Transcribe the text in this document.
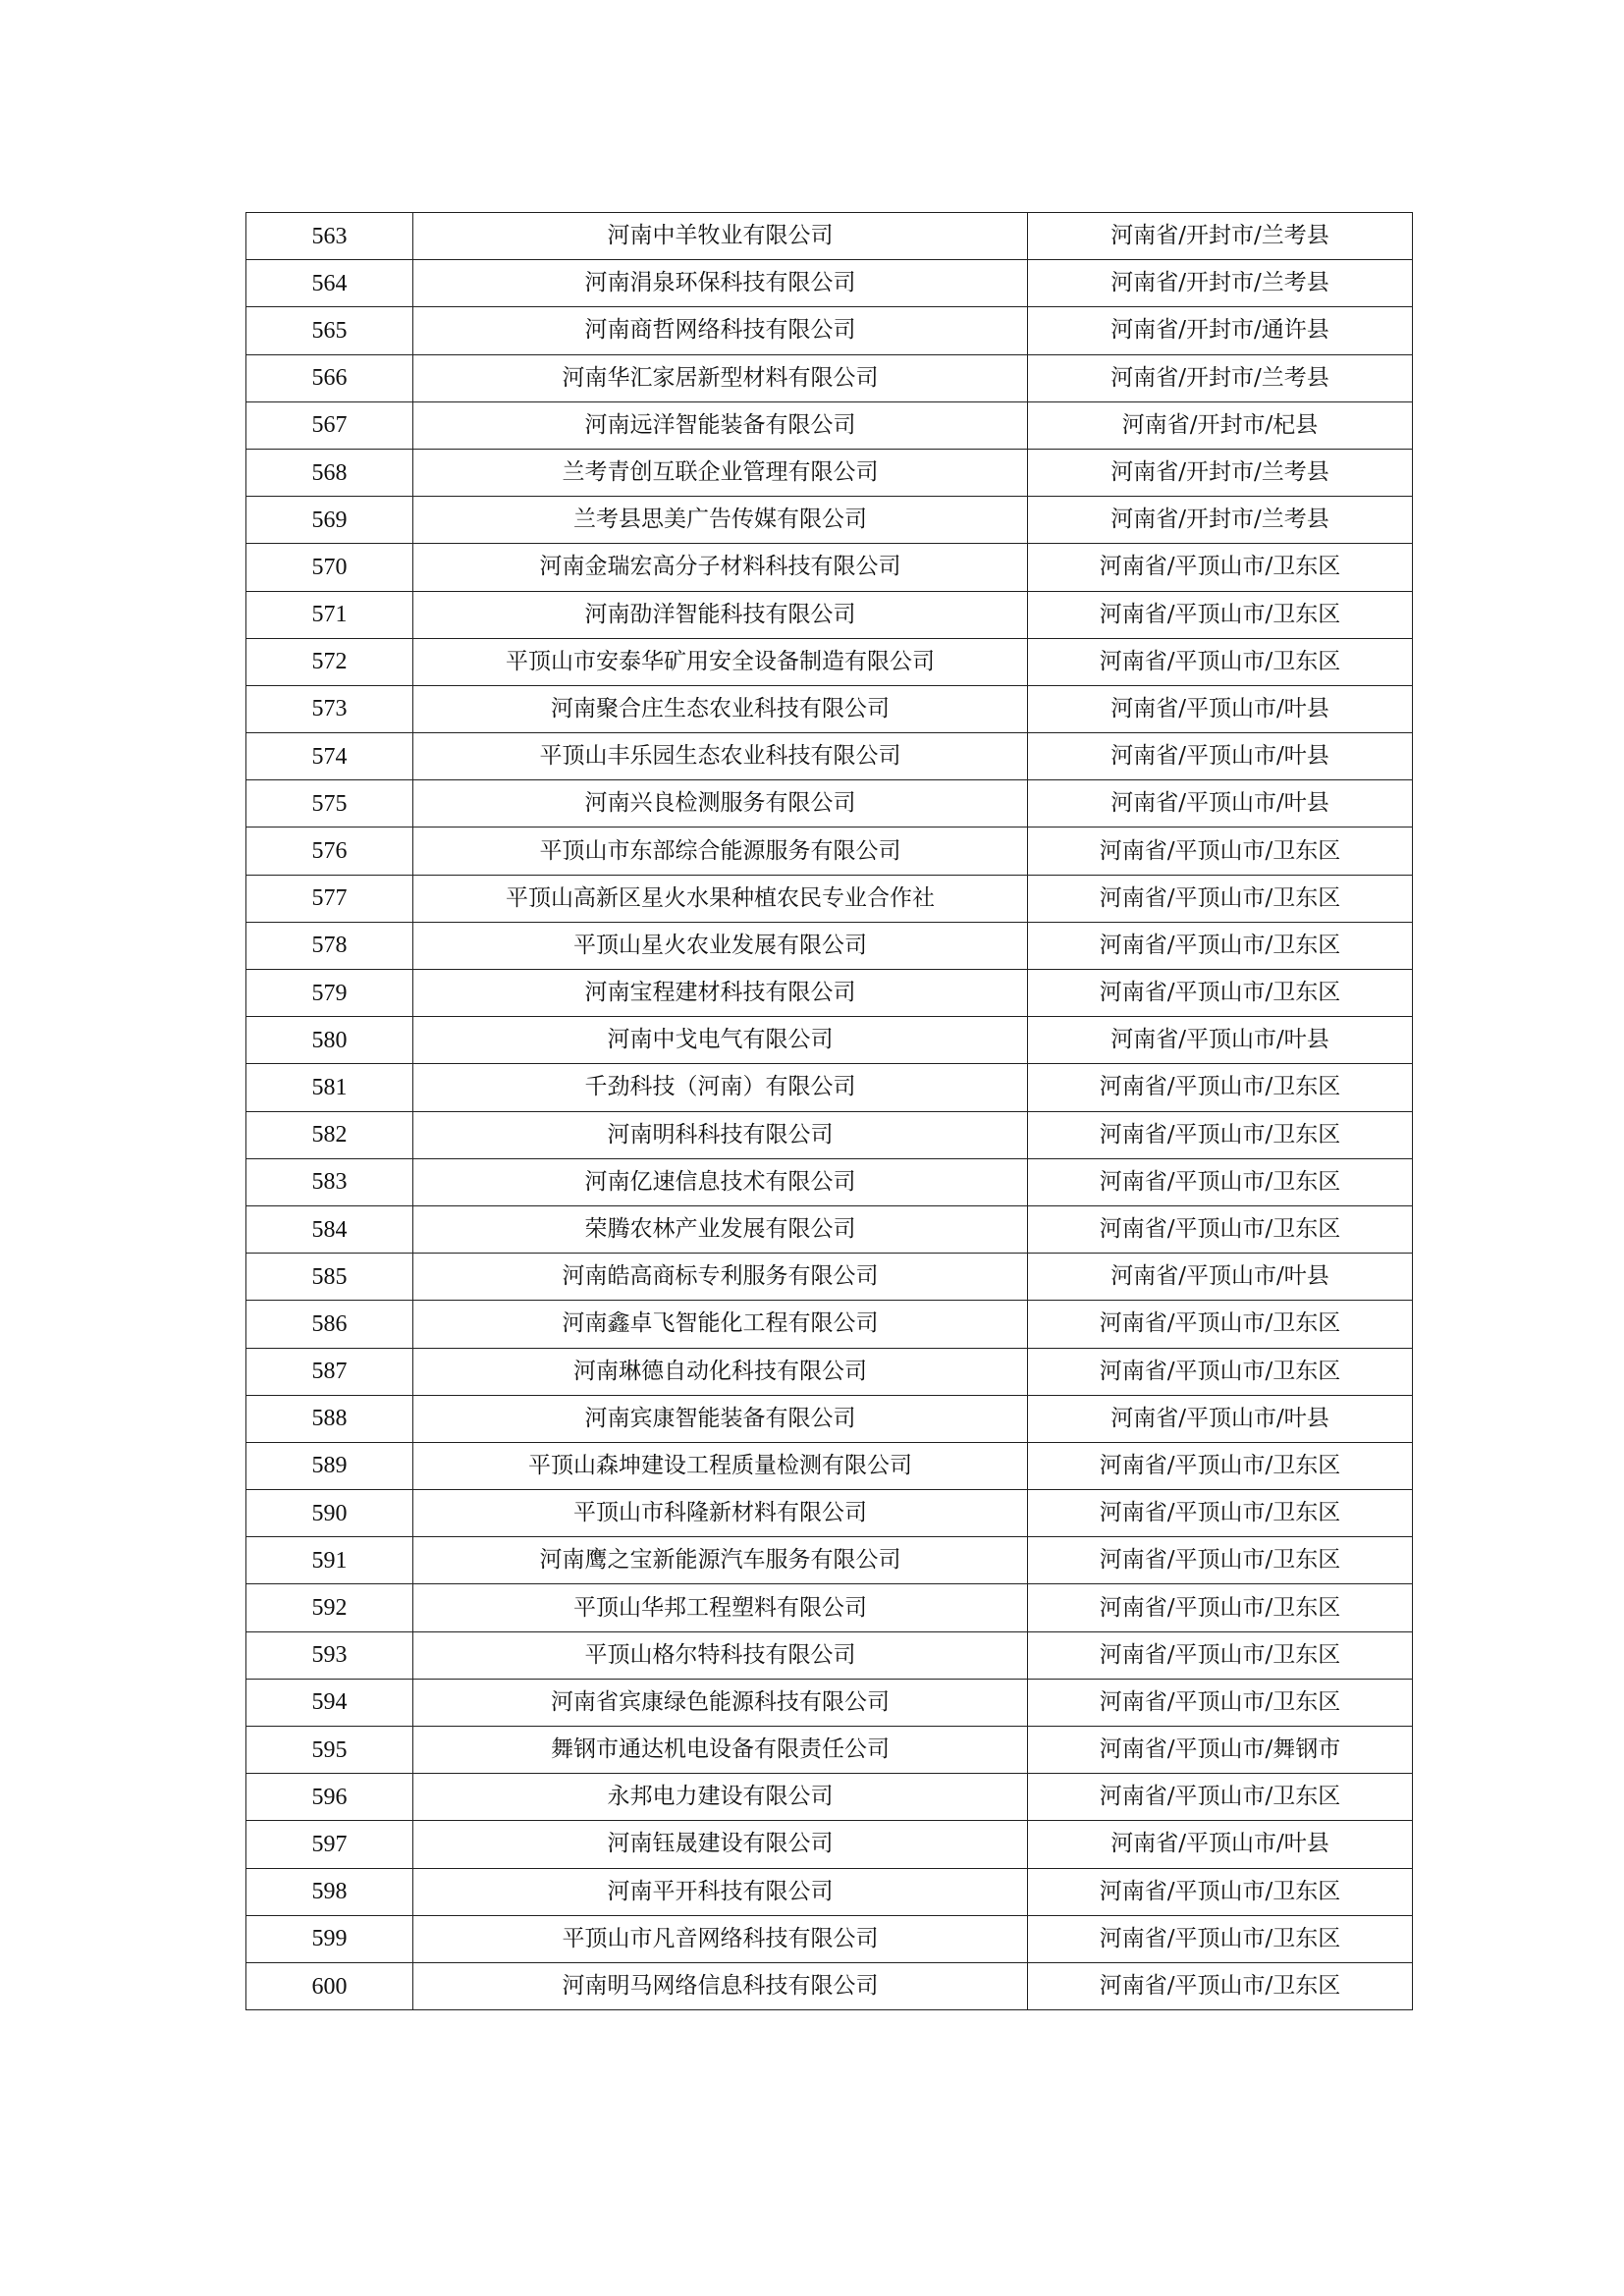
563	河南中羊牧业有限公司	河南省/开封市/兰考县
564	河南涓泉环保科技有限公司	河南省/开封市/兰考县
565	河南商哲网络科技有限公司	河南省/开封市/通许县
566	河南华汇家居新型材料有限公司	河南省/开封市/兰考县
567	河南远洋智能装备有限公司	河南省/开封市/杞县
568	兰考青创互联企业管理有限公司	河南省/开封市/兰考县
569	兰考县思美广告传媒有限公司	河南省/开封市/兰考县
570	河南金瑞宏高分子材料科技有限公司	河南省/平顶山市/卫东区
571	河南劭洋智能科技有限公司	河南省/平顶山市/卫东区
572	平顶山市安泰华矿用安全设备制造有限公司	河南省/平顶山市/卫东区
573	河南聚合庄生态农业科技有限公司	河南省/平顶山市/叶县
574	平顶山丰乐园生态农业科技有限公司	河南省/平顶山市/叶县
575	河南兴良检测服务有限公司	河南省/平顶山市/叶县
576	平顶山市东部综合能源服务有限公司	河南省/平顶山市/卫东区
577	平顶山高新区星火水果种植农民专业合作社	河南省/平顶山市/卫东区
578	平顶山星火农业发展有限公司	河南省/平顶山市/卫东区
579	河南宝程建材科技有限公司	河南省/平顶山市/卫东区
580	河南中戈电气有限公司	河南省/平顶山市/叶县
581	千劲科技（河南）有限公司	河南省/平顶山市/卫东区
582	河南明科科技有限公司	河南省/平顶山市/卫东区
583	河南亿速信息技术有限公司	河南省/平顶山市/卫东区
584	荣腾农林产业发展有限公司	河南省/平顶山市/卫东区
585	河南皓高商标专利服务有限公司	河南省/平顶山市/叶县
586	河南鑫卓飞智能化工程有限公司	河南省/平顶山市/卫东区
587	河南琳德自动化科技有限公司	河南省/平顶山市/卫东区
588	河南宾康智能装备有限公司	河南省/平顶山市/叶县
589	平顶山森坤建设工程质量检测有限公司	河南省/平顶山市/卫东区
590	平顶山市科隆新材料有限公司	河南省/平顶山市/卫东区
591	河南鹰之宝新能源汽车服务有限公司	河南省/平顶山市/卫东区
592	平顶山华邦工程塑料有限公司	河南省/平顶山市/卫东区
593	平顶山格尔特科技有限公司	河南省/平顶山市/卫东区
594	河南省宾康绿色能源科技有限公司	河南省/平顶山市/卫东区
595	舞钢市通达机电设备有限责任公司	河南省/平顶山市/舞钢市
596	永邦电力建设有限公司	河南省/平顶山市/卫东区
597	河南钰晟建设有限公司	河南省/平顶山市/叶县
598	河南平开科技有限公司	河南省/平顶山市/卫东区
599	平顶山市凡音网络科技有限公司	河南省/平顶山市/卫东区
600	河南明马网络信息科技有限公司	河南省/平顶山市/卫东区
